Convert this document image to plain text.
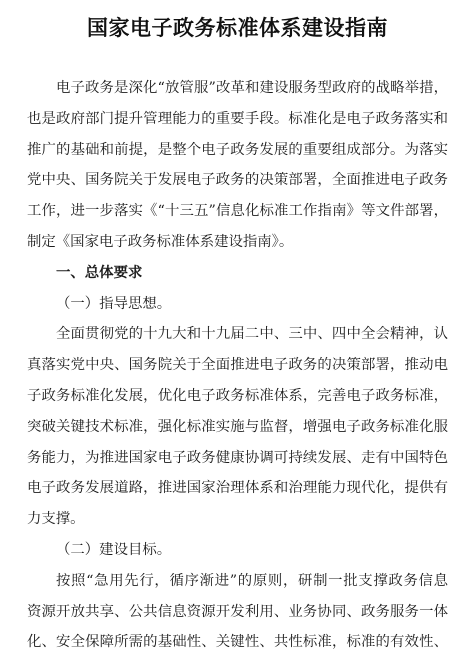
国家电子政务标准体系建设指南
电子政务是深化“放管服”改革和建设服务型政府的战略举措，
也是政府部门提升管理能力的重要手段。标准化是电子政务落实和
推广的基础和前提，是整个电子政务发展的重要组成部分。为落实
党中央、国务院关于发展电子政务的决策部署，全面推进电子政务
工作，进一步落实《“十三五”信息化标准工作指南》等文件部署，
制定《国家电子政务标准体系建设指南》。
一、总体要求
（一）指导思想。
全面贯彻党的十九大和十九届二中、三中、四中全会精神，认
真落实党中央、国务院关于全面推进电子政务的决策部署，推动电
子政务标准化发展，优化电子政务标准体系，完善电子政务标准，
突破关键技术标准，强化标准实施与监督，增强电子政务标准化服
务能力，为推进国家电子政务健康协调可持续发展、走有中国特色
电子政务发展道路，推进国家治理体系和治理能力现代化，提供有
力支撑。
（二）建设目标。
按照“急用先行，循序渐进”的原则，研制一批支撑政务信息
资源开放共享、公共信息资源开发利用、业务协同、政务服务一体
化、安全保障所需的基础性、关键性、共性标准，标准的有效性、
